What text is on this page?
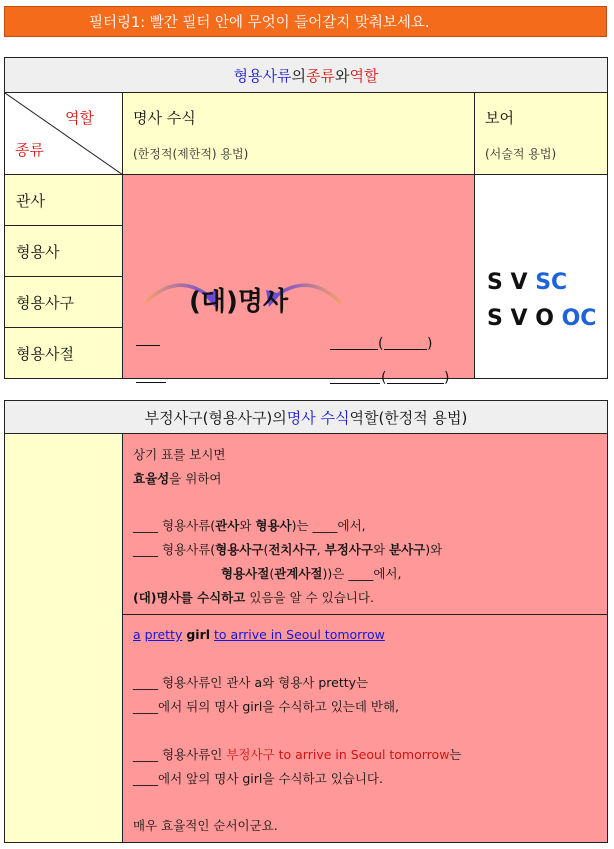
필터링1: 빨간 필터 안에 무엇이 들어갈지 맞춰보세요.
형용사류 의 종류 와 역할
역할
종류
명사 수식
(한정적(제한적) 용법)
보어
(서술적 용법)
관사
형용사
형용사구
형용사절
(대)명사
(	)
(	)
S V SC
S V O OC
부정사구(형용사구)의 명사 수식 역할(한정적 용법)
상기 표를 보시면
효율성을 위하여
____ 형용사류(관사와 형용사)는 ____에서,
____ 형용사류(형용사구(전치사구, 부정사구와 분사구)와
형용사절(관계사절))은 ____에서,
(대)명사를 수식하고 있음을 알 수 있습니다.
a pretty girl to arrive in Seoul tomorrow
____ 형용사류인 관사 a와 형용사 pretty는
____에서 뒤의 명사 girl을 수식하고 있는데 반해,
____ 형용사류인 부정사구 to arrive in Seoul tomorrow는
____에서 앞의 명사 girl을 수식하고 있습니다.
매우 효율적인 순서이군요.
